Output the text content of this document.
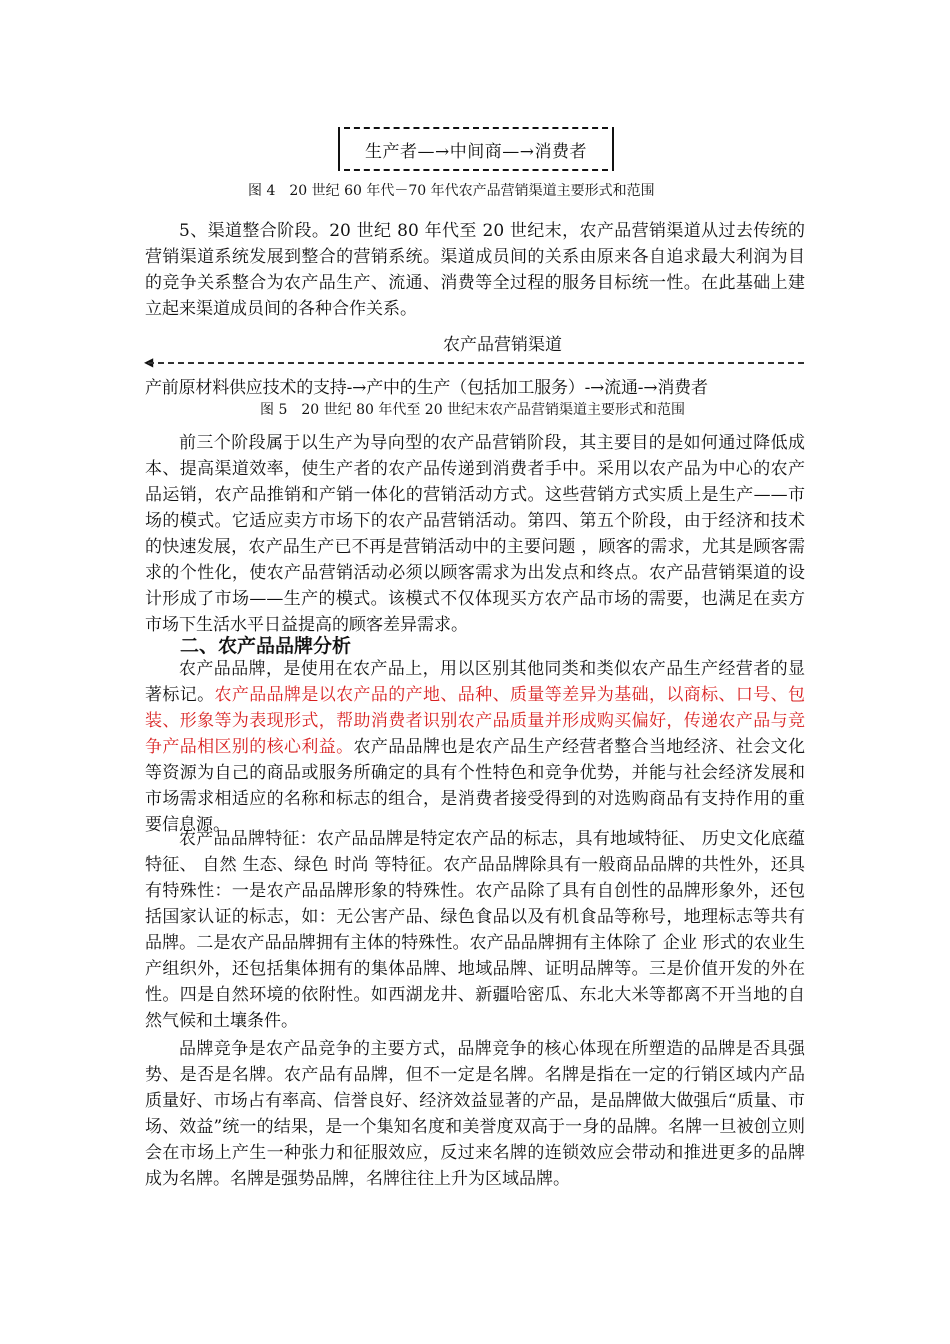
生产者—→中间商—→消费者
图 4　20 世纪 60 年代－70 年代农产品营销渠道主要形式和范围

5、渠道整合阶段。20 世纪 80 年代至 20 世纪末，农产品营销渠道从过去传统的营销渠道系统发展到整合的营销系统。渠道成员间的关系由原来各自追求最大利润为目的竞争关系整合为农产品生产、流通、消费等全过程的服务目标统一性。在此基础上建立起来渠道成员间的各种合作关系。

农产品营销渠道
◀
产前原材料供应技术的支持-→产中的生产（包括加工服务）-→流通-→消费者
图 5　20 世纪 80 年代至 20 世纪末农产品营销渠道主要形式和范围

前三个阶段属于以生产为导向型的农产品营销阶段，其主要目的是如何通过降低成本、提高渠道效率，使生产者的农产品传递到消费者手中。采用以农产品为中心的农产品运销，农产品推销和产销一体化的营销活动方式。这些营销方式实质上是生产——市场的模式。它适应卖方市场下的农产品营销活动。第四、第五个阶段，由于经济和技术的快速发展，农产品生产已不再是营销活动中的主要问题 ，顾客的需求，尤其是顾客需求的个性化，使农产品营销活动必须以顾客需求为出发点和终点。农产品营销渠道的设计形成了市场——生产的模式。该模式不仅体现买方农产品市场的需要，也满足在卖方市场下生活水平日益提高的顾客差异需求。

二、农产品品牌分析

农产品品牌，是使用在农产品上，用以区别其他同类和类似农产品生产经营者的显著标记。农产品品牌是以农产品的产地、品种、质量等差异为基础，以商标、口号、包装、形象等为表现形式，帮助消费者识别农产品质量并形成购买偏好，传递农产品与竞争产品相区别的核心利益。农产品品牌也是农产品生产经营者整合当地经济、社会文化等资源为自己的商品或服务所确定的具有个性特色和竞争优势，并能与社会经济发展和市场需求相适应的名称和标志的组合，是消费者接受得到的对选购商品有支持作用的重要信息源。

农产品品牌特征：农产品品牌是特定农产品的标志，具有地域特征、 历史文化底蕴特征、 自然 生态、绿色 时尚 等特征。农产品品牌除具有一般商品品牌的共性外，还具有特殊性：一是农产品品牌形象的特殊性。农产品除了具有自创性的品牌形象外，还包括国家认证的标志，如：无公害产品、绿色食品以及有机食品等称号，地理标志等共有品牌。二是农产品品牌拥有主体的特殊性。农产品品牌拥有主体除了 企业 形式的农业生产组织外，还包括集体拥有的集体品牌、地域品牌、证明品牌等。三是价值开发的外在性。四是自然环境的依附性。如西湖龙井、新疆哈密瓜、东北大米等都离不开当地的自然气候和土壤条件。

品牌竞争是农产品竞争的主要方式，品牌竞争的核心体现在所塑造的品牌是否具强势、是否是名牌。农产品有品牌，但不一定是名牌。名牌是指在一定的行销区域内产品质量好、市场占有率高、信誉良好、经济效益显著的产品，是品牌做大做强后“质量、市场、效益”统一的结果，是一个集知名度和美誉度双高于一身的品牌。名牌一旦被创立则会在市场上产生一种张力和征服效应，反过来名牌的连锁效应会带动和推进更多的品牌成为名牌。名牌是强势品牌，名牌往往上升为区域品牌。
